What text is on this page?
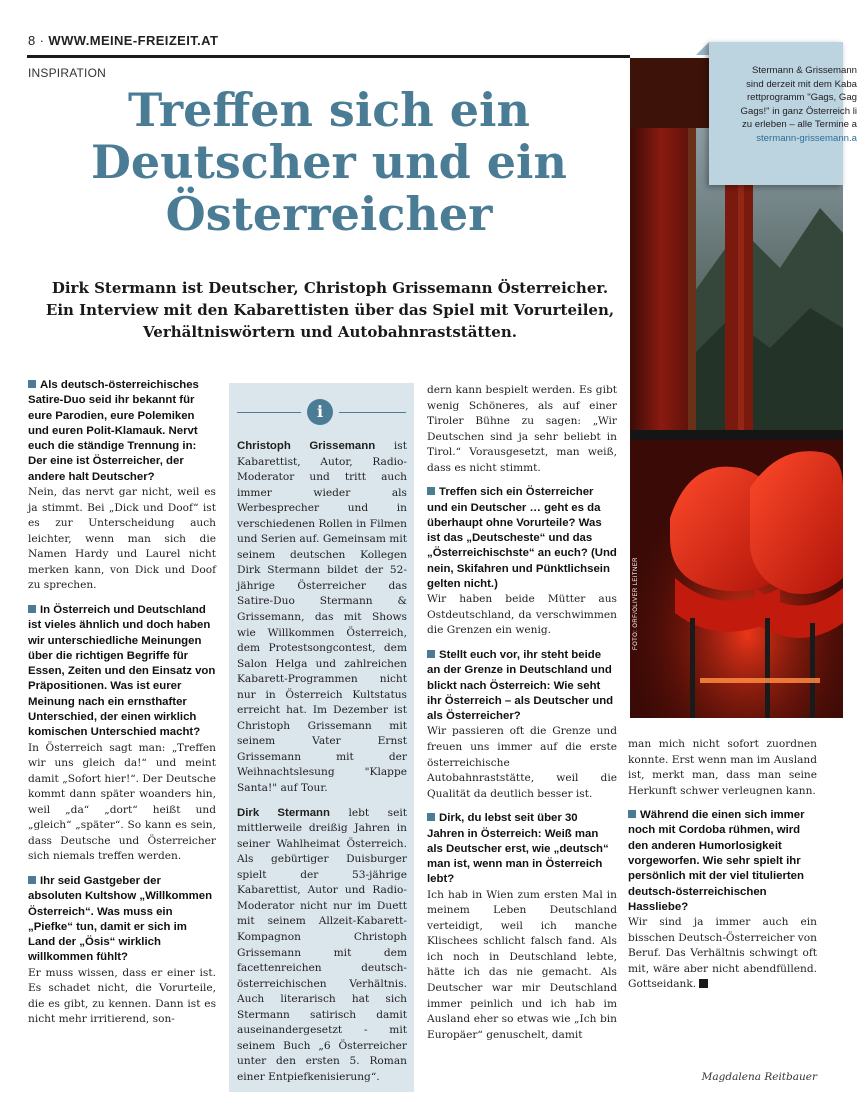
8 · WWW.MEINE-FREIZEIT.AT
INSPIRATION
Treffen sich ein
Deutscher und ein
Österreicher
Dirk Stermann ist Deutscher, Christoph Grissemann Österreicher.
Ein Interview mit den Kabarettisten über das Spiel mit Vorurteilen,
Verhältniswörtern und Autobahnraststätten.
Als deutsch-österreichisches Satire-Duo seid ihr bekannt für eure Parodien, eure Polemiken und euren Polit-Klamauk. Nervt euch die ständige Trennung in: Der eine ist Österreicher, der andere halt Deutscher?
Nein, das nervt gar nicht, weil es ja stimmt. Bei „Dick und Doof“ ist es zur Unterscheidung auch leichter, wenn man sich die Namen Hardy und Laurel nicht merken kann, von Dick und Doof zu sprechen.
In Österreich und Deutschland ist vieles ähnlich und doch haben wir unterschiedliche Meinungen über die richtigen Begriffe für Essen, Zeiten und den Einsatz von Präpositionen. Was ist eurer Meinung nach ein ernsthafter Unterschied, der einen wirklich komischen Unterschied macht?
In Österreich sagt man: „Treffen wir uns gleich da!“ und meint damit „Sofort hier!“. Der Deutsche kommt dann später woanders hin, weil „da“ „dort“ heißt und „gleich“ „später“. So kann es sein, dass Deutsche und Österreicher sich niemals treffen werden.
Ihr seid Gastgeber der absoluten Kultshow „Willkommen Österreich“. Was muss ein „Piefke“ tun, damit er sich im Land der „Ösis“ wirklich willkommen fühlt?
Er muss wissen, dass er einer ist. Es schadet nicht, die Vorurteile, die es gibt, zu kennen. Dann ist es nicht mehr irritierend, son-
i
Christoph Grissemann ist Kabarettist, Autor, Radio-Moderator und tritt auch immer wieder als Werbesprecher und in verschiedenen Rollen in Filmen und Serien auf. Gemeinsam mit seinem deutschen Kollegen Dirk Stermann bildet der 52-jährige Österreicher das Satire-Duo Stermann & Grissemann, das mit Shows wie Willkommen Österreich, dem Protestsongcontest, dem Salon Helga und zahlreichen Kabarett-Programmen nicht nur in Österreich Kultstatus erreicht hat. Im Dezember ist Christoph Grissemann mit seinem Vater Ernst Grissemann mit der Weihnachtslesung "Klappe Santa!" auf Tour.
Dirk Stermann lebt seit mittlerweile dreißig Jahren in seiner Wahlheimat Österreich. Als gebürtiger Duisburger spielt der 53-jährige Kabarettist, Autor und Radio-Moderator nicht nur im Duett mit seinem Allzeit-Kabarett-Kompagnon Christoph Grissemann mit dem facettenreichen deutsch-österreichischen Verhältnis. Auch literarisch hat sich Stermann satirisch damit auseinandergesetzt - mit seinem Buch „6 Österreicher unter den ersten 5. Roman einer Entpiefkenisierung“.
dern kann bespielt werden. Es gibt wenig Schöneres, als auf einer Tiroler Bühne zu sagen: „Wir Deutschen sind ja sehr beliebt in Tirol.“ Vorausgesetzt, man weiß, dass es nicht stimmt.
Treffen sich ein Österreicher und ein Deutscher … geht es da überhaupt ohne Vorurteile? Was ist das „Deutscheste“ und das „Österreichischste“ an euch? (Und nein, Skifahren und Pünktlichsein gelten nicht.)
Wir haben beide Mütter aus Ostdeutschland, da verschwimmen die Grenzen ein wenig.
Stellt euch vor, ihr steht beide an der Grenze in Deutschland und blickt nach Österreich: Wie seht ihr Österreich – als Deutscher und als Österreicher?
Wir passieren oft die Grenze und freuen uns immer auf die erste österreichische Autobahnraststätte, weil die Qualität da deutlich besser ist.
Dirk, du lebst seit über 30 Jahren in Österreich: Weiß man als Deutscher erst, wie „deutsch“ man ist, wenn man in Österreich lebt?
Ich hab in Wien zum ersten Mal in meinem Leben Deutschland verteidigt, weil ich manche Klischees schlicht falsch fand. Als ich noch in Deutschland lebte, hätte ich das nie gemacht. Als Deutscher war mir Deutschland immer peinlich und ich hab im Ausland eher so etwas wie „Ich bin Europäer“ genuschelt, damit
FOTO: ORF/OLIVER LEITNER
Stermann & Grissemann
sind derzeit mit dem Kaba
rettprogramm "Gags, Gag
Gags!" in ganz Österreich li
zu erleben – alle Termine a
stermann-grissemann.a
man mich nicht sofort zuordnen konnte. Erst wenn man im Ausland ist, merkt man, dass man seine Herkunft schwer verleugnen kann.
Während die einen sich immer noch mit Cordoba rühmen, wird den anderen Humorlosigkeit vorgeworfen. Wie sehr spielt ihr persönlich mit der viel titulierten deutsch-österreichischen Hassliebe?
Wir sind ja immer auch ein bisschen Deutsch-Österreicher von Beruf. Das Verhältnis schwingt oft mit, wäre aber nicht abendfüllend. Gottseidank.
Magdalena Reitbauer
